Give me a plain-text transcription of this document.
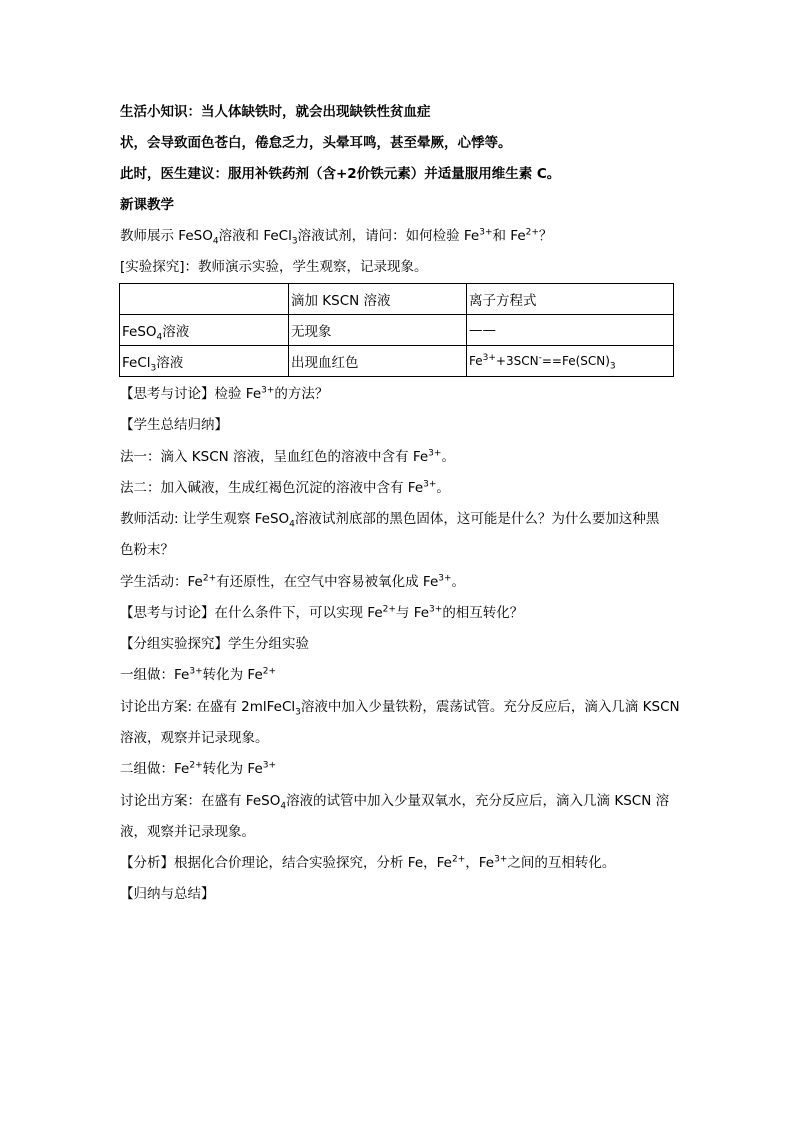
生活小知识：当人体缺铁时，就会出现缺铁性贫血症
状，会导致面色苍白，倦怠乏力，头晕耳鸣，甚至晕厥，心悸等。
此时，医生建议：服用补铁药剂（含+2价铁元素）并适量服用维生素 C。
新课教学
教师展示 FeSO$_4$溶液和 FeCl$_3$溶液试剂，请问：如何检验 $Fe^{3+}$和 $Fe^{2+}$？
[实验探究]：教师演示实验，学生观察，记录现象。
	滴加 KSCN 溶液	离子方程式
FeSO$_4$溶液	无现象	——
FeCl$_3$溶液	出现血红色	$Fe^{3+}+3SCN^-==Fe(SCN)_3$
【思考与讨论】检验 $Fe^{3+}$的方法？
【学生总结归纳】
法一：滴入 KSCN 溶液，呈血红色的溶液中含有 $Fe^{3+}$。
法二：加入碱液，生成红褐色沉淀的溶液中含有 $Fe^{3+}$。
教师活动: 让学生观察 FeSO$_4$溶液试剂底部的黑色固体，这可能是什么？为什么要加这种黑
色粉末？
学生活动：$Fe^{2+}$有还原性，在空气中容易被氧化成 $Fe^{3+}$。
【思考与讨论】在什么条件下，可以实现 $Fe^{2+}$与 $Fe^{3+}$的相互转化？
【分组实验探究】学生分组实验
一组做：$Fe^{3+}$转化为 $Fe^{2+}$
讨论出方案: 在盛有 2mlFeCl$_3$溶液中加入少量铁粉，震荡试管。充分反应后，滴入几滴 KSCN
溶液，观察并记录现象。
二组做：$Fe^{2+}$转化为 $Fe^{3+}$
讨论出方案：在盛有 FeSO$_4$溶液的试管中加入少量双氧水，充分反应后，滴入几滴 KSCN 溶
液，观察并记录现象。
【分析】根据化合价理论，结合实验探究，分析 Fe，$Fe^{2+}$，$Fe^{3+}$之间的互相转化。
【归纳与总结】
